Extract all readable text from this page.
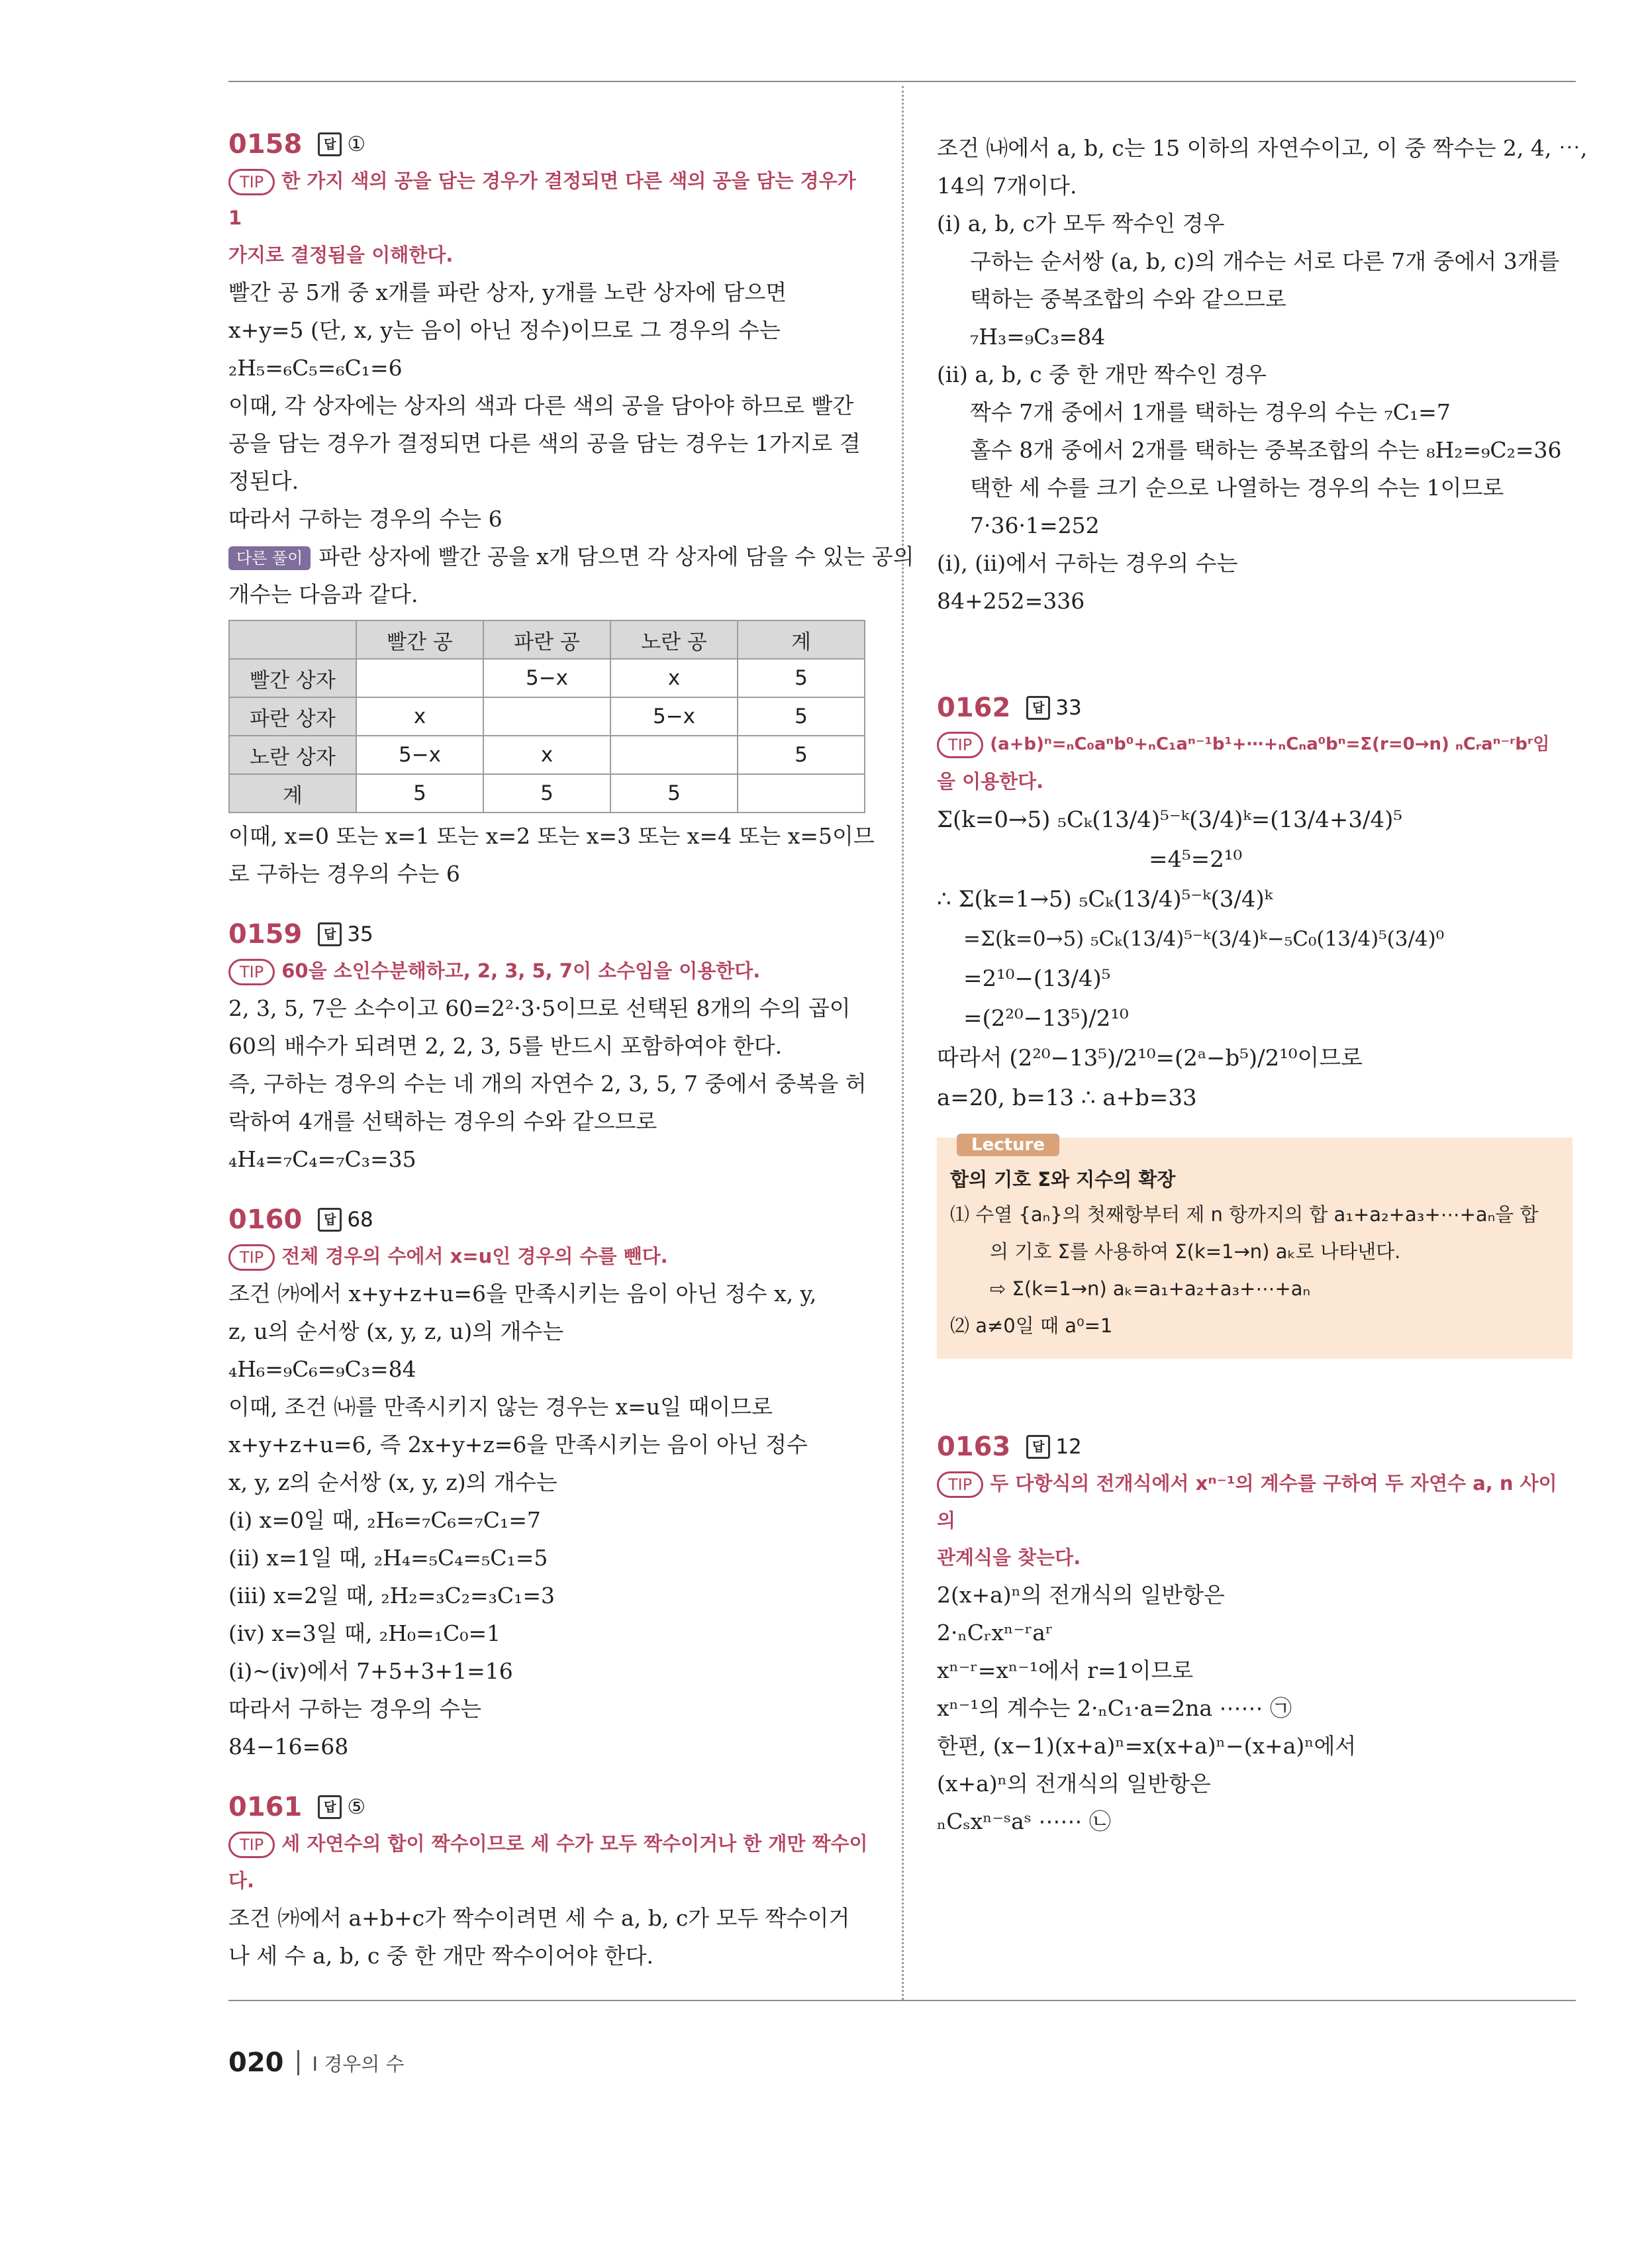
0158	답 ①
TIP 한 가지 색의 공을 담는 경우가 결정되면 다른 색의 공을 담는 경우가 1
가지로 결정됨을 이해한다.
빨간 공 5개 중 x개를 파란 상자, y개를 노란 상자에 담으면
x+y=5 (단, x, y는 음이 아닌 정수)이므로 그 경우의 수는
₂H₅=₆C₅=₆C₁=6
이때, 각 상자에는 상자의 색과 다른 색의 공을 담아야 하므로 빨간
공을 담는 경우가 결정되면 다른 색의 공을 담는 경우는 1가지로 결
정된다.
따라서 구하는 경우의 수는 6
다른 풀이 파란 상자에 빨간 공을 x개 담으면 각 상자에 담을 수 있는 공의
개수는 다음과 같다.
	빨간 공	파란 공	노란 공	계
빨간 상자		5−x	x	5
파란 상자	x		5−x	5
노란 상자	5−x	x		5
계	5	5	5	
이때, x=0 또는 x=1 또는 x=2 또는 x=3 또는 x=4 또는 x=5이므
로 구하는 경우의 수는 6
0159	답 35
TIP 60을 소인수분해하고, 2, 3, 5, 7이 소수임을 이용한다.
2, 3, 5, 7은 소수이고 60=2²·3·5이므로 선택된 8개의 수의 곱이
60의 배수가 되려면 2, 2, 3, 5를 반드시 포함하여야 한다.
즉, 구하는 경우의 수는 네 개의 자연수 2, 3, 5, 7 중에서 중복을 허
락하여 4개를 선택하는 경우의 수와 같으므로
₄H₄=₇C₄=₇C₃=35
0160	답 68
TIP 전체 경우의 수에서 x=u인 경우의 수를 뺀다.
조건 ㈎에서 x+y+z+u=6을 만족시키는 음이 아닌 정수 x, y,
z, u의 순서쌍 (x, y, z, u)의 개수는
₄H₆=₉C₆=₉C₃=84
이때, 조건 ㈏를 만족시키지 않는 경우는 x=u일 때이므로
x+y+z+u=6, 즉 2x+y+z=6을 만족시키는 음이 아닌 정수
x, y, z의 순서쌍 (x, y, z)의 개수는
(ⅰ) x=0일 때, ₂H₆=₇C₆=₇C₁=7
(ⅱ) x=1일 때, ₂H₄=₅C₄=₅C₁=5
(ⅲ) x=2일 때, ₂H₂=₃C₂=₃C₁=3
(ⅳ) x=3일 때, ₂H₀=₁C₀=1
(ⅰ)~(ⅳ)에서 7+5+3+1=16
따라서 구하는 경우의 수는
84−16=68
0161	답 ⑤
TIP 세 자연수의 합이 짝수이므로 세 수가 모두 짝수이거나 한 개만 짝수이
다.
조건 ㈎에서 a+b+c가 짝수이려면 세 수 a, b, c가 모두 짝수이거
나 세 수 a, b, c 중 한 개만 짝수이어야 한다.
조건 ㈏에서 a, b, c는 15 이하의 자연수이고, 이 중 짝수는 2, 4, ⋯,
14의 7개이다.
(ⅰ) a, b, c가 모두 짝수인 경우
구하는 순서쌍 (a, b, c)의 개수는 서로 다른 7개 중에서 3개를
택하는 중복조합의 수와 같으므로
₇H₃=₉C₃=84
(ⅱ) a, b, c 중 한 개만 짝수인 경우
짝수 7개 중에서 1개를 택하는 경우의 수는 ₇C₁=7
홀수 8개 중에서 2개를 택하는 중복조합의 수는 ₈H₂=₉C₂=36
택한 세 수를 크기 순으로 나열하는 경우의 수는 1이므로
7·36·1=252
(ⅰ), (ⅱ)에서 구하는 경우의 수는
84+252=336
0162	답 33
TIP (a+b)ⁿ=ₙC₀aⁿb⁰+ₙC₁aⁿ⁻¹b¹+⋯+ₙCₙa⁰bⁿ=Σ(r=0→n) ₙCᵣaⁿ⁻ʳbʳ임
을 이용한다.
Σ(k=0→5) ₅Cₖ(13/4)⁵⁻ᵏ(3/4)ᵏ=(13/4+3/4)⁵
=4⁵=2¹⁰
∴ Σ(k=1→5) ₅Cₖ(13/4)⁵⁻ᵏ(3/4)ᵏ
=Σ(k=0→5) ₅Cₖ(13/4)⁵⁻ᵏ(3/4)ᵏ−₅C₀(13/4)⁵(3/4)⁰
=2¹⁰−(13/4)⁵
=(2²⁰−13⁵)/2¹⁰
따라서 (2²⁰−13⁵)/2¹⁰=(2ᵃ−b⁵)/2¹⁰이므로
a=20, b=13 ∴ a+b=33
Lecture
합의 기호 Σ와 지수의 확장
⑴ 수열 {aₙ}의 첫째항부터 제 n 항까지의 합 a₁+a₂+a₃+⋯+aₙ을 합
의 기호 Σ를 사용하여 Σ(k=1→n) aₖ로 나타낸다.
⇨ Σ(k=1→n) aₖ=a₁+a₂+a₃+⋯+aₙ
⑵ a≠0일 때 a⁰=1
0163	답 12
TIP 두 다항식의 전개식에서 xⁿ⁻¹의 계수를 구하여 두 자연수 a, n 사이의
관계식을 찾는다.
2(x+a)ⁿ의 전개식의 일반항은
2·ₙCᵣxⁿ⁻ʳaʳ
xⁿ⁻ʳ=xⁿ⁻¹에서 r=1이므로
xⁿ⁻¹의 계수는 2·ₙC₁·a=2na ⋯⋯ ㉠
한편, (x−1)(x+a)ⁿ=x(x+a)ⁿ−(x+a)ⁿ에서
(x+a)ⁿ의 전개식의 일반항은
ₙCₛxⁿ⁻ˢaˢ ⋯⋯ ㉡
020 Ⅰ 경우의 수
